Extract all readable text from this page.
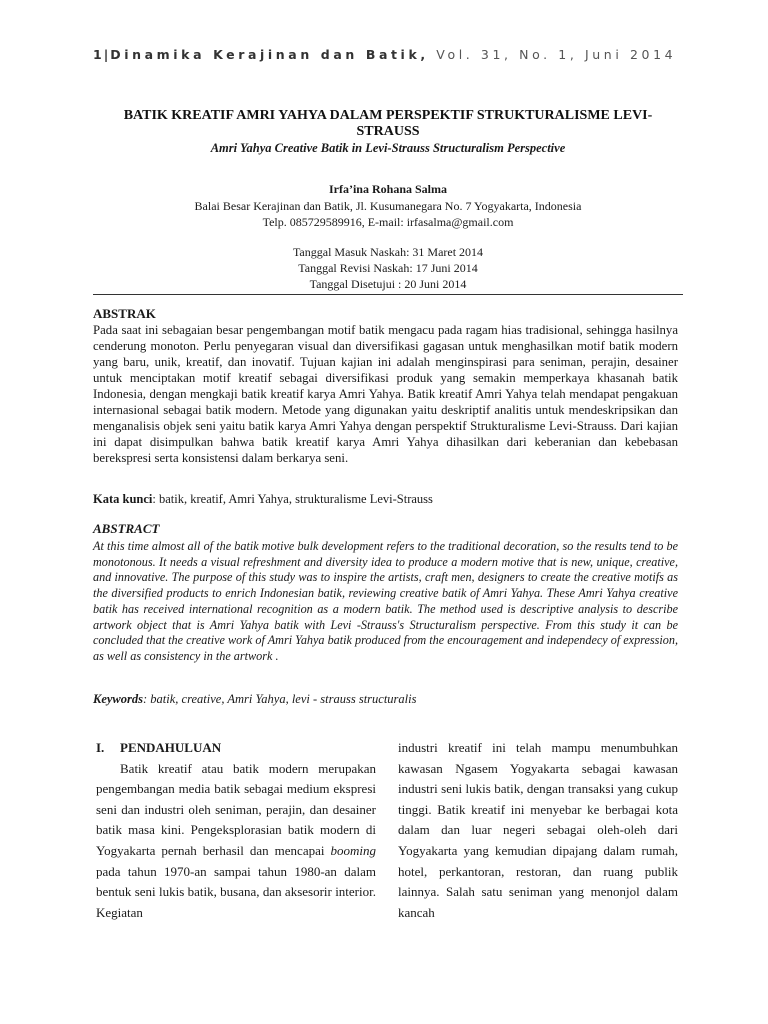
1|Dinamika Kerajinan dan Batik, Vol. 31, No. 1, Juni 2014
BATIK KREATIF AMRI YAHYA DALAM PERSPEKTIF STRUKTURALISME LEVI-STRAUSS
Amri Yahya Creative Batik in Levi-Strauss Structuralism Perspective
Irfa’ina Rohana Salma
Balai Besar Kerajinan dan Batik, Jl. Kusumanegara No. 7 Yogyakarta, Indonesia
Telp. 085729589916, E-mail: irfasalma@gmail.com
Tanggal Masuk Naskah: 31 Maret 2014
Tanggal Revisi Naskah: 17 Juni 2014
Tanggal Disetujui : 20 Juni 2014
ABSTRAK
Pada saat ini sebagaian besar pengembangan motif batik mengacu pada ragam hias tradisional, sehingga hasilnya cenderung monoton. Perlu penyegaran visual dan diversifikasi gagasan untuk menghasilkan motif batik modern yang baru, unik, kreatif, dan inovatif. Tujuan kajian ini adalah menginspirasi para seniman, perajin, desainer untuk menciptakan motif kreatif sebagai diversifikasi produk yang semakin memperkaya khasanah batik Indonesia, dengan mengkaji batik kreatif karya Amri Yahya. Batik kreatif Amri Yahya telah mendapat pengakuan internasional sebagai batik modern. Metode yang digunakan yaitu deskriptif analitis untuk mendeskripsikan dan menganalisis objek seni yaitu batik karya Amri Yahya dengan perspektif Strukturalisme Levi-Strauss. Dari kajian ini dapat disimpulkan bahwa batik kreatif karya Amri Yahya dihasilkan dari keberanian dan kebebasan berekspresi serta konsistensi dalam berkarya seni.
Kata kunci: batik, kreatif, Amri Yahya, strukturalisme Levi-Strauss
ABSTRACT
At this time almost all of the batik motive bulk development refers to the traditional decoration, so the results tend to be monotonous. It needs a visual refreshment and diversity idea to produce a modern motive that is new, unique, creative, and innovative. The purpose of this study was to inspire the artists, craft men, designers to create the creative motifs as the diversified products to enrich Indonesian batik, reviewing creative batik of Amri Yahya. These Amri Yahya creative batik has received international recognition as a modern batik. The method used is descriptive analysis to describe artwork object that is Amri Yahya batik with Levi -Strauss's Structuralism perspective. From this study it can be concluded that the creative work of Amri Yahya batik produced from the encouragement and independecy of expression, as well as consistency in the artwork .
Keywords: batik, creative, Amri Yahya, levi - strauss structuralis

I. PENDAHULUAN

Batik kreatif atau batik modern merupakan pengembangan media batik sebagai medium ekspresi seni dan industri oleh seniman, perajin, dan desainer batik masa kini. Pengeksplorasian batik modern di Yogyakarta pernah berhasil dan mencapai booming pada tahun 1970-an sampai tahun 1980-an dalam bentuk seni lukis batik, busana, dan aksesorir interior. Kegiatan

industri kreatif ini telah mampu menumbuhkan kawasan Ngasem Yogyakarta sebagai kawasan industri seni lukis batik, dengan transaksi yang cukup tinggi. Batik kreatif ini menyebar ke berbagai kota dalam dan luar negeri sebagai oleh-oleh dari Yogyakarta yang kemudian dipajang dalam rumah, hotel, perkantoran, restoran, dan ruang publik lainnya. Salah satu seniman yang menonjol dalam kancah
